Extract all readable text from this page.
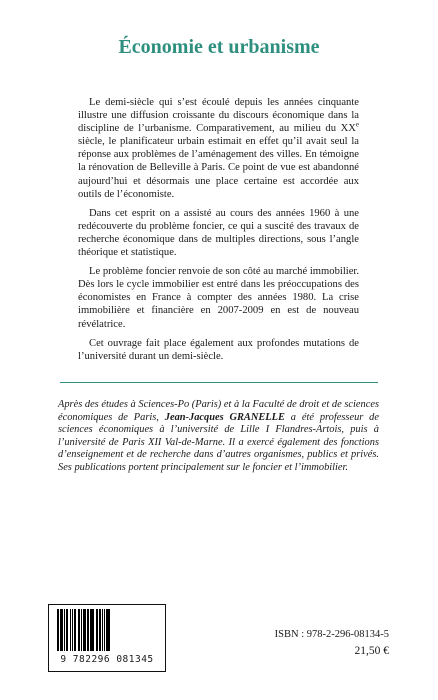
Économie et urbanisme

Le demi-siècle qui s’est écoulé depuis les années cinquante illustre une diffusion croissante du discours économique dans la discipline de l’urbanisme. Comparativement, au milieu du XXe siècle, le planificateur urbain estimait en effet qu’il avait seul la réponse aux problèmes de l’aménagement des villes. En témoigne la rénovation de Belleville à Paris. Ce point de vue est abandonné aujourd’hui et désormais une place certaine est accordée aux outils de l’économiste.

Dans cet esprit on a assisté au cours des années 1960 à une redécouverte du problème foncier, ce qui a suscité des travaux de recherche économique dans de multiples directions, sous l’angle théorique et statistique.

Le problème foncier renvoie de son côté au marché immobilier. Dès lors le cycle immobilier est entré dans les préoccupations des économistes en France à compter des années 1980. La crise immobilière et financière en 2007-2009 en est de nouveau révélatrice.

Cet ouvrage fait place également aux profondes mutations de l’université durant un demi-siècle.

Après des études à Sciences-Po (Paris) et à la Faculté de droit et de sciences économiques de Paris, Jean-Jacques GRANELLE a été professeur de sciences économiques à l’université de Lille I Flandres-Artois, puis à l’université de Paris XII Val-de-Marne. Il a exercé également des fonctions d’enseignement et de recherche dans d’autres organismes, publics et privés. Ses publications portent principalement sur le foncier et l’immobilier.

9 782296 081345
ISBN : 978-2-296-08134-5
21,50 €
